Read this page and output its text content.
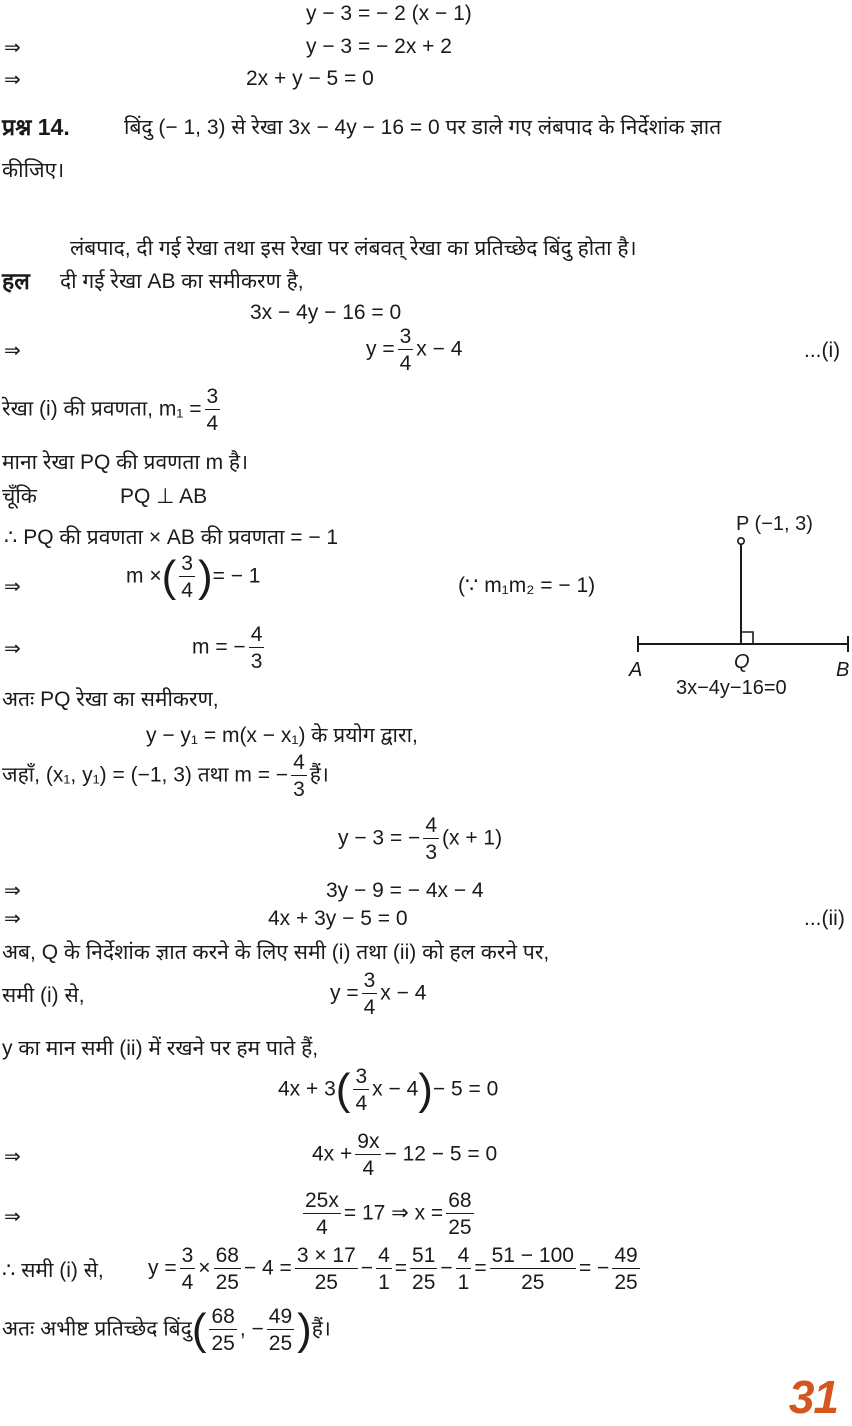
y − 3 = − 2 (x − 1)
⇒	y − 3 = − 2x + 2
⇒	2x + y − 5 = 0
प्रश्न 14.	बिंदु (− 1, 3) से रेखा 3x − 4y − 16 = 0 पर डाले गए लंबपाद के निर्देशांक ज्ञात
कीजिए।
लंबपाद, दी गई रेखा तथा इस रेखा पर लंबवत् रेखा का प्रतिच्छेद बिंदु होता है।
हल दी गई रेखा AB का समीकरण है,
3x − 4y − 16 = 0
⇒	$y = \frac{3}{4}$ x − 4	...(i)
रेखा (i) की प्रवणता, $m_1 = \frac{3}{4}$
माना रेखा PQ की प्रवणता m है।
चूँकि	PQ ⊥ AB
∴ PQ की प्रवणता × AB की प्रवणता = − 1
⇒	m ×( $\frac{3}{4}$ )= − 1	(∵ m₁m₂ = − 1)
⇒	m = − $\frac{4}{3}$
अतः PQ रेखा का समीकरण,
y − y₁ = m(x − x₁) के प्रयोग द्वारा,
जहाँ, (x₁, y₁) = (−1, 3) तथा m = − $\frac{4}{3}$ हैं।
y − 3 = − $\frac{4}{3} (x + 1)$
⇒	3y − 9 = − 4x − 4
⇒	4x + 3y − 5 = 0	...(ii)
अब, Q के निर्देशांक ज्ञात करने के लिए समी (i) तथा (ii) को हल करने पर,
समी (i) से,	$y = \frac{3}{4}$ x − 4
y का मान समी (ii) में रखने पर हम पाते हैं,
$4x + 3( \frac{3}{4}$ x − 4)− 5 = 0
⇒	$4x + \frac{9x}{4} - 12 - 5 = 0$
⇒	$\frac{25x}{4} = 17$ ⇒ $x = \frac{68}{25}$
∴ समी (i) से, $y = \frac{3}{4} \times \frac{68}{25} - 4 = \frac{3 \times 17}{25} - \frac{4}{1} = \frac{51}{25} - \frac{4}{1} = \frac{51 - 100}{25}$ = − $\frac{49}{25}$
अतः अभीष्ट प्रतिच्छेद बिंदु( $\frac{68}{25}$ , − $\frac{49}{25}$ )हैं।
P (−1, 3)
A	Q	B
3x−4y−16=0
31
